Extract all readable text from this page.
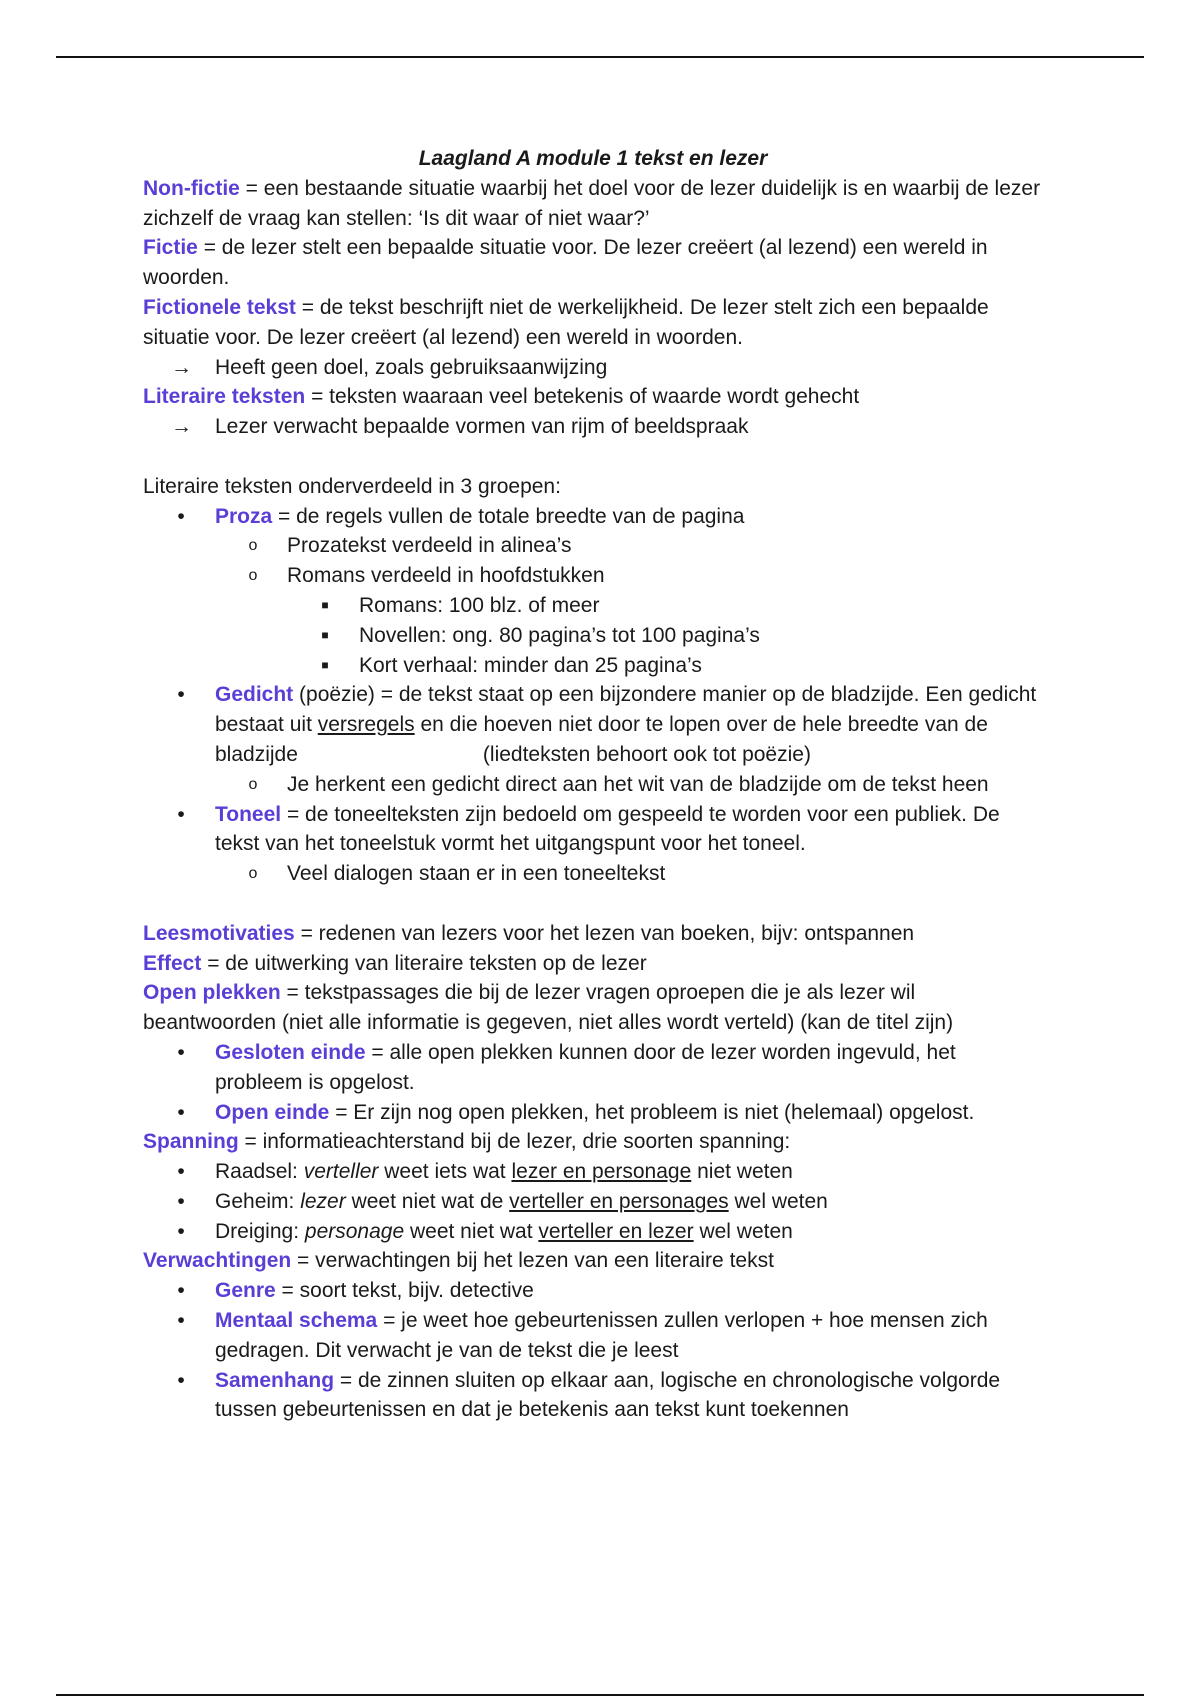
Laagland A module 1 tekst en lezer

Non-fictie = een bestaande situatie waarbij het doel voor de lezer duidelijk is en waarbij de lezer zichzelf de vraag kan stellen: ‘Is dit waar of niet waar?’

Fictie = de lezer stelt een bepaalde situatie voor. De lezer creëert (al lezend) een wereld in woorden.

Fictionele tekst = de tekst beschrijft niet de werkelijkheid. De lezer stelt zich een bepaalde situatie voor. De lezer creëert (al lezend) een wereld in woorden.

→ Heeft geen doel, zoals gebruiksaanwijzing

Literaire teksten = teksten waaraan veel betekenis of waarde wordt gehecht

→ Lezer verwacht bepaalde vormen van rijm of beeldspraak

Literaire teksten onderverdeeld in 3 groepen:

•	Proza = de regels vullen de totale breedte van de pagina

o Prozatekst verdeeld in alinea’s

o Romans verdeeld in hoofdstukken

■	Romans: 100 blz. of meer

■	Novellen: ong. 80 pagina’s tot 100 pagina’s

■	Kort verhaal: minder dan 25 pagina’s

•	Gedicht (poëzie) = de tekst staat op een bijzondere manier op de bladzijde. Een gedicht bestaat uit versregels en die hoeven niet door te lopen over de hele breedte van de bladzijde	(liedteksten behoort ook tot poëzie)

o Je herkent een gedicht direct aan het wit van de bladzijde om de tekst heen

•	Toneel = de toneelteksten zijn bedoeld om gespeeld te worden voor een publiek. De tekst van het toneelstuk vormt het uitgangspunt voor het toneel.

o Veel dialogen staan er in een toneeltekst

Leesmotivaties = redenen van lezers voor het lezen van boeken, bijv: ontspannen

Effect = de uitwerking van literaire teksten op de lezer

Open plekken = tekstpassages die bij de lezer vragen oproepen die je als lezer wil beantwoorden (niet alle informatie is gegeven, niet alles wordt verteld) (kan de titel zijn)

•	Gesloten einde = alle open plekken kunnen door de lezer worden ingevuld, het probleem is opgelost.

•	Open einde = Er zijn nog open plekken, het probleem is niet (helemaal) opgelost.

Spanning = informatieachterstand bij de lezer, drie soorten spanning:

•	Raadsel: verteller weet iets wat lezer en personage niet weten

•	Geheim: lezer weet niet wat de verteller en personages wel weten

•	Dreiging: personage weet niet wat verteller en lezer wel weten

Verwachtingen = verwachtingen bij het lezen van een literaire tekst

•	Genre = soort tekst, bijv. detective

•	Mentaal schema = je weet hoe gebeurtenissen zullen verlopen + hoe mensen zich gedragen. Dit verwacht je van de tekst die je leest

•	Samenhang = de zinnen sluiten op elkaar aan, logische en chronologische volgorde tussen gebeurtenissen en dat je betekenis aan tekst kunt toekennen
